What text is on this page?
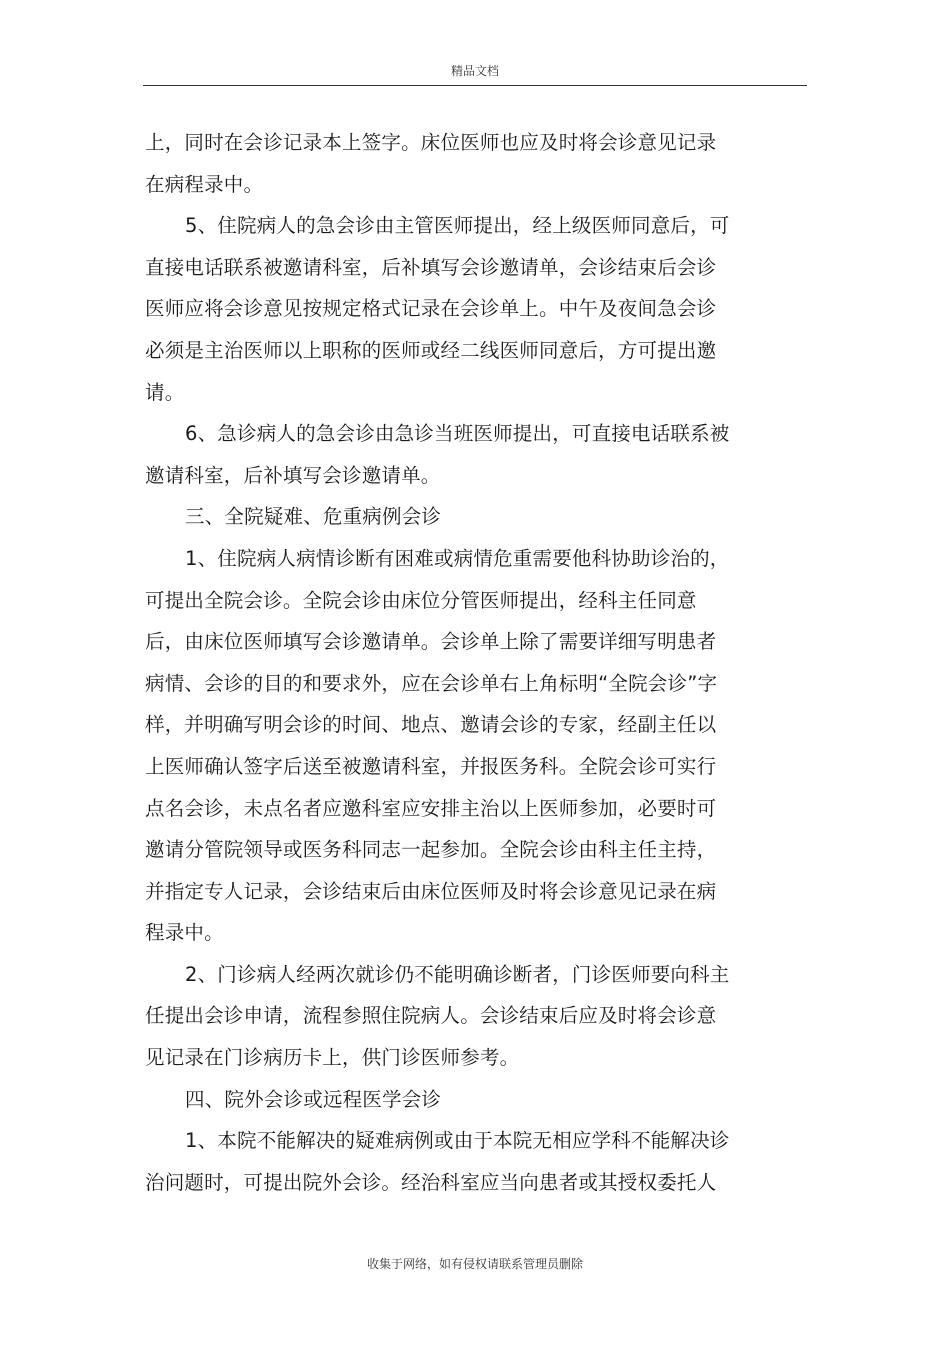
精品文档
上，同时在会诊记录本上签字。床位医师也应及时将会诊意见记录
在病程录中。
5、住院病人的急会诊由主管医师提出，经上级医师同意后，可
直接电话联系被邀请科室，后补填写会诊邀请单，会诊结束后会诊
医师应将会诊意见按规定格式记录在会诊单上。中午及夜间急会诊
必须是主治医师以上职称的医师或经二线医师同意后，方可提出邀
请。
6、急诊病人的急会诊由急诊当班医师提出，可直接电话联系被
邀请科室，后补填写会诊邀请单。
三、全院疑难、危重病例会诊
1、住院病人病情诊断有困难或病情危重需要他科协助诊治的，
可提出全院会诊。全院会诊由床位分管医师提出，经科主任同意
后，由床位医师填写会诊邀请单。会诊单上除了需要详细写明患者
病情、会诊的目的和要求外，应在会诊单右上角标明“全院会诊”字
样，并明确写明会诊的时间、地点、邀请会诊的专家，经副主任以
上医师确认签字后送至被邀请科室，并报医务科。全院会诊可实行
点名会诊，未点名者应邀科室应安排主治以上医师参加，必要时可
邀请分管院领导或医务科同志一起参加。全院会诊由科主任主持，
并指定专人记录，会诊结束后由床位医师及时将会诊意见记录在病
程录中。
2、门诊病人经两次就诊仍不能明确诊断者，门诊医师要向科主
任提出会诊申请，流程参照住院病人。会诊结束后应及时将会诊意
见记录在门诊病历卡上，供门诊医师参考。
四、院外会诊或远程医学会诊
1、本院不能解决的疑难病例或由于本院无相应学科不能解决诊
治问题时，可提出院外会诊。经治科室应当向患者或其授权委托人
收集于网络，如有侵权请联系管理员删除
